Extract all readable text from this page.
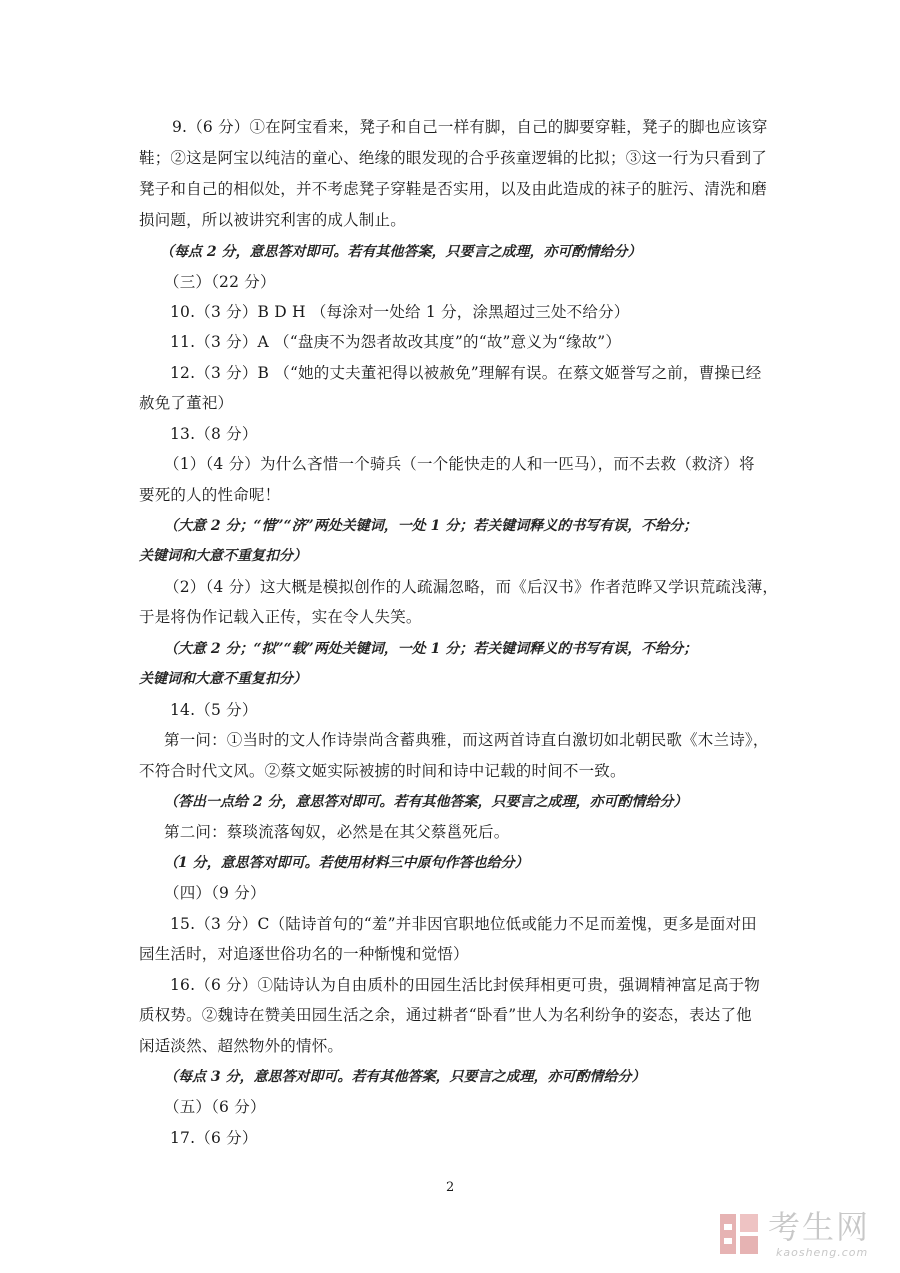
9.（6 分）①在阿宝看来，凳子和自己一样有脚，自己的脚要穿鞋，凳子的脚也应该穿
鞋；②这是阿宝以纯洁的童心、绝缘的眼发现的合乎孩童逻辑的比拟；③这一行为只看到了
凳子和自己的相似处，并不考虑凳子穿鞋是否实用，以及由此造成的袜子的脏污、清洗和磨
损问题，所以被讲究利害的成人制止。
（每点 2 分，意思答对即可。若有其他答案，只要言之成理，亦可酌情给分）
（三）（22 分）
10.（3 分）B D H （每涂对一处给 1 分，涂黑超过三处不给分）
11.（3 分）A （“盘庚不为怨者故改其度”的“故”意义为“缘故”）
12.（3 分）B （“她的丈夫董祀得以被赦免”理解有误。在蔡文姬誉写之前，曹操已经
赦免了董祀）
13.（8 分）
（1）（4 分）为什么吝惜一个骑兵（一个能快走的人和一匹马），而不去救（救济）将
要死的人的性命呢！
（大意 2 分；“惜”“济”两处关键词，一处 1 分；若关键词释义的书写有误，不给分；
关键词和大意不重复扣分）
（2）（4 分）这大概是模拟创作的人疏漏忽略，而《后汉书》作者范晔又学识荒疏浅薄，
于是将伪作记载入正传，实在令人失笑。
（大意 2 分；“拟”“载”两处关键词，一处 1 分；若关键词释义的书写有误，不给分；
关键词和大意不重复扣分）
14.（5 分）
第一问：①当时的文人作诗崇尚含蓄典雅，而这两首诗直白激切如北朝民歌《木兰诗》，
不符合时代文风。②蔡文姬实际被掳的时间和诗中记载的时间不一致。
（答出一点给 2 分，意思答对即可。若有其他答案，只要言之成理，亦可酌情给分）
第二问：蔡琰流落匈奴，必然是在其父蔡邕死后。
（1 分，意思答对即可。若使用材料三中原句作答也给分）
（四）（9 分）
15.（3 分）C（陆诗首句的“羞”并非因官职地位低或能力不足而羞愧，更多是面对田
园生活时，对追逐世俗功名的一种惭愧和觉悟）
16.（6 分）①陆诗认为自由质朴的田园生活比封侯拜相更可贵，强调精神富足高于物
质权势。②魏诗在赞美田园生活之余，通过耕者“卧看”世人为名利纷争的姿态，表达了他
闲适淡然、超然物外的情怀。
（每点 3 分，意思答对即可。若有其他答案，只要言之成理，亦可酌情给分）
（五）（6 分）
17.（6 分）
2
考生网
kaosheng.com
